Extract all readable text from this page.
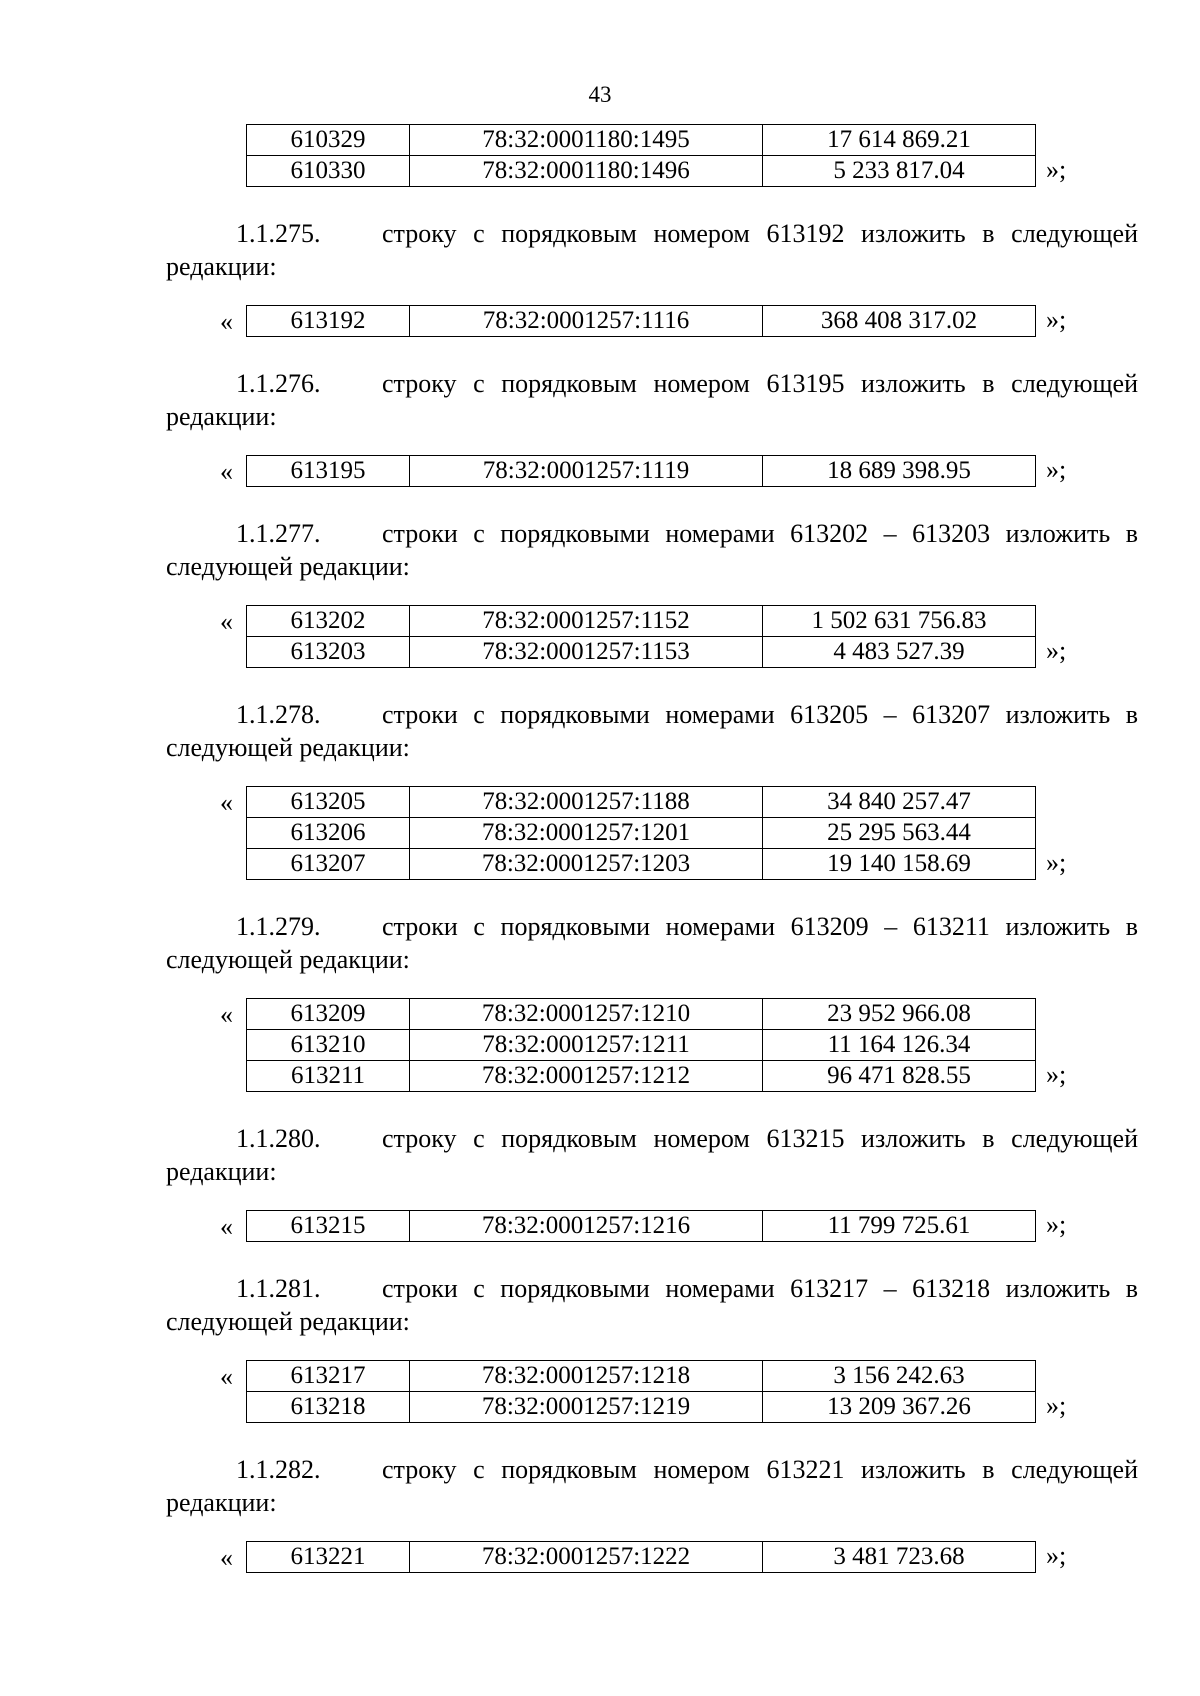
43
610329	78:32:0001180:1495	17 614 869.21
610330	78:32:0001180:1496	5 233 817.04	»;
1.1.275. строку с порядковым номером 613192 изложить в следующей редакции:
« 613192	78:32:0001257:1116	368 408 317.02	»;
1.1.276. строку с порядковым номером 613195 изложить в следующей редакции:
« 613195	78:32:0001257:1119	18 689 398.95	»;
1.1.277. строки с порядковыми номерами 613202 – 613203 изложить в следующей редакции:
« 613202	78:32:0001257:1152	1 502 631 756.83
613203	78:32:0001257:1153	4 483 527.39	»;
1.1.278. строки с порядковыми номерами 613205 – 613207 изложить в следующей редакции:
« 613205	78:32:0001257:1188	34 840 257.47
613206	78:32:0001257:1201	25 295 563.44
613207	78:32:0001257:1203	19 140 158.69	»;
1.1.279. строки с порядковыми номерами 613209 – 613211 изложить в следующей редакции:
« 613209	78:32:0001257:1210	23 952 966.08
613210	78:32:0001257:1211	11 164 126.34
613211	78:32:0001257:1212	96 471 828.55	»;
1.1.280. строку с порядковым номером 613215 изложить в следующей редакции:
« 613215	78:32:0001257:1216	11 799 725.61	»;
1.1.281. строки с порядковыми номерами 613217 – 613218 изложить в следующей редакции:
« 613217	78:32:0001257:1218	3 156 242.63
613218	78:32:0001257:1219	13 209 367.26	»;
1.1.282. строку с порядковым номером 613221 изложить в следующей редакции:
« 613221	78:32:0001257:1222	3 481 723.68	»;
